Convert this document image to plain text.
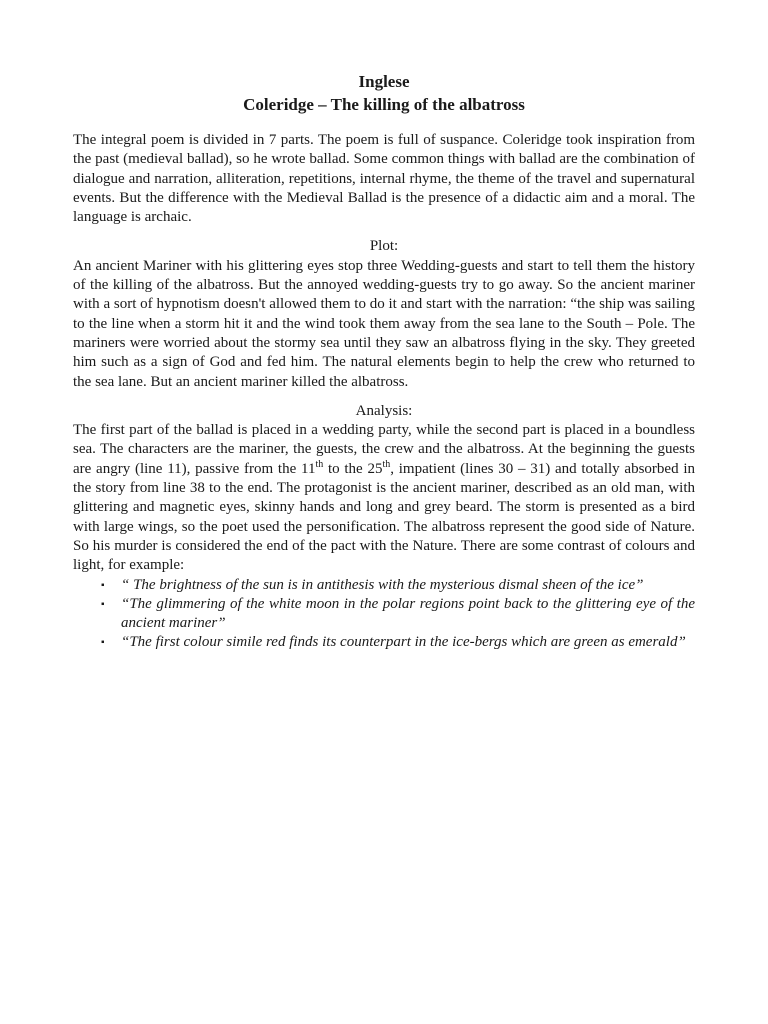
Inglese
Coleridge – The killing of the albatross

The integral poem is divided in 7 parts. The poem is full of suspance. Coleridge took inspiration from the past (medieval ballad), so he wrote ballad. Some common things with ballad are the combination of dialogue and narration, alliteration, repetitions, internal rhyme, the theme of the travel and supernatural events. But the difference with the Medieval Ballad is the presence of a didactic aim and a moral. The language is archaic.

Plot:

An ancient Mariner with his glittering eyes stop three Wedding-guests and start to tell them the history of the killing of the albatross. But the annoyed wedding-guests try to go away. So the ancient mariner with a sort of hypnotism doesn't allowed them to do it and start with the narration: “the ship was sailing to the line when a storm hit it and the wind took them away from the sea lane to the South – Pole. The mariners were worried about the stormy sea until they saw an albatross flying in the sky. They greeted him such as a sign of God and fed him. The natural elements begin to help the crew who returned to the sea lane. But an ancient mariner killed the albatross.

Analysis:

The first part of the ballad is placed in a wedding party, while the second part is placed in a boundless sea. The characters are the mariner, the guests, the crew and the albatross. At the beginning the guests are angry (line 11), passive from the 11th to the 25th, impatient (lines 30 – 31) and totally absorbed in the story from line 38 to the end. The protagonist is the ancient mariner, described as an old man, with glittering and magnetic eyes, skinny hands and long and grey beard. The storm is presented as a bird with large wings, so the poet used the personification. The albatross represent the good side of Nature. So his murder is considered the end of the pact with the Nature. There are some contrast of colours and light, for example:

▪ “ The brightness of the sun is in antithesis with the mysterious dismal sheen of the ice”
▪ “The glimmering of the white moon in the polar regions point back to the glittering eye of the ancient mariner”
▪ “The first colour simile red finds its counterpart in the ice-bergs which are green as emerald”
